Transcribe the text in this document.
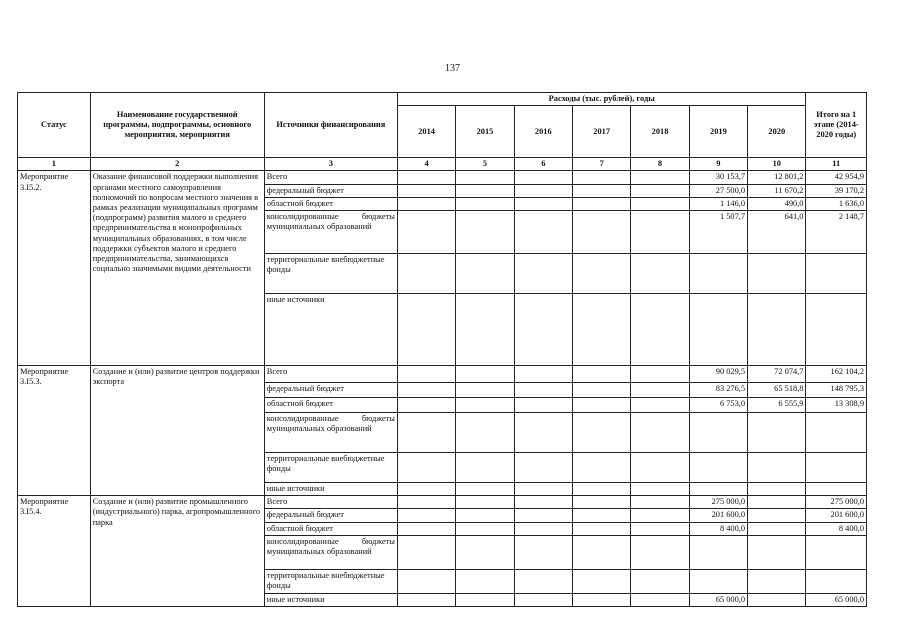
137
Статус	Наименование государственной программы, подпрограммы, основного мероприятия, мероприятия	Источники финансирования	Расходы (тыс. рублей), годы							Итого на 1 этапе (2014-2020 годы)
			2014	2015	2016	2017	2018	2019	2020	
1	2	3	4	5	6	7	8	9	10	11
Мероприятие 3.I5.2.	Оказание финансовой поддержки выполнения органами местного самоуправления полномочий по вопросам местного значения в рамках реализации муниципальных программ (подпрограмм) развития малого и среднего предпринимательства в монопрофильных муниципальных образованиях, в том числе поддержки субъектов малого и среднего предпринимательства, занимающихся социально значимыми видами деятельности	Всего						30 153,7	12 801,2	42 954,9
		федеральный бюджет						27 500,0	11 670,2	39 170,2
		областной бюджет						1 146,0	490,0	1 636,0
		консолидированные бюджеты муниципальных образований						1 507,7	641,0	2 148,7
		территориальные внебюджетные фонды								
		иные источники								
Мероприятие 3.I5.3.	Создание и (или) развитие центров поддержки экспорта	Всего						90 029,5	72 074,7	162 104,2
		федеральный бюджет						83 276,5	65 518,8	148 795,3
		областной бюджет						6 753,0	6 555,9	13 308,9
		консолидированные бюджеты муниципальных образований								
		территориальные внебюджетные фонды								
		иные источники								
Мероприятие 3.I5.4.	Создание и (или) развитие промышленного (индустриального) парка, агропромышленного парка	Всего						275 000,0		275 000,0
		федеральный бюджет						201 600,0		201 600,0
		областной бюджет						8 400,0		8 400,0
		консолидированные бюджеты муниципальных образований								
		территориальные внебюджетные фонды								
		иные источники						65 000,0		65 000,0
